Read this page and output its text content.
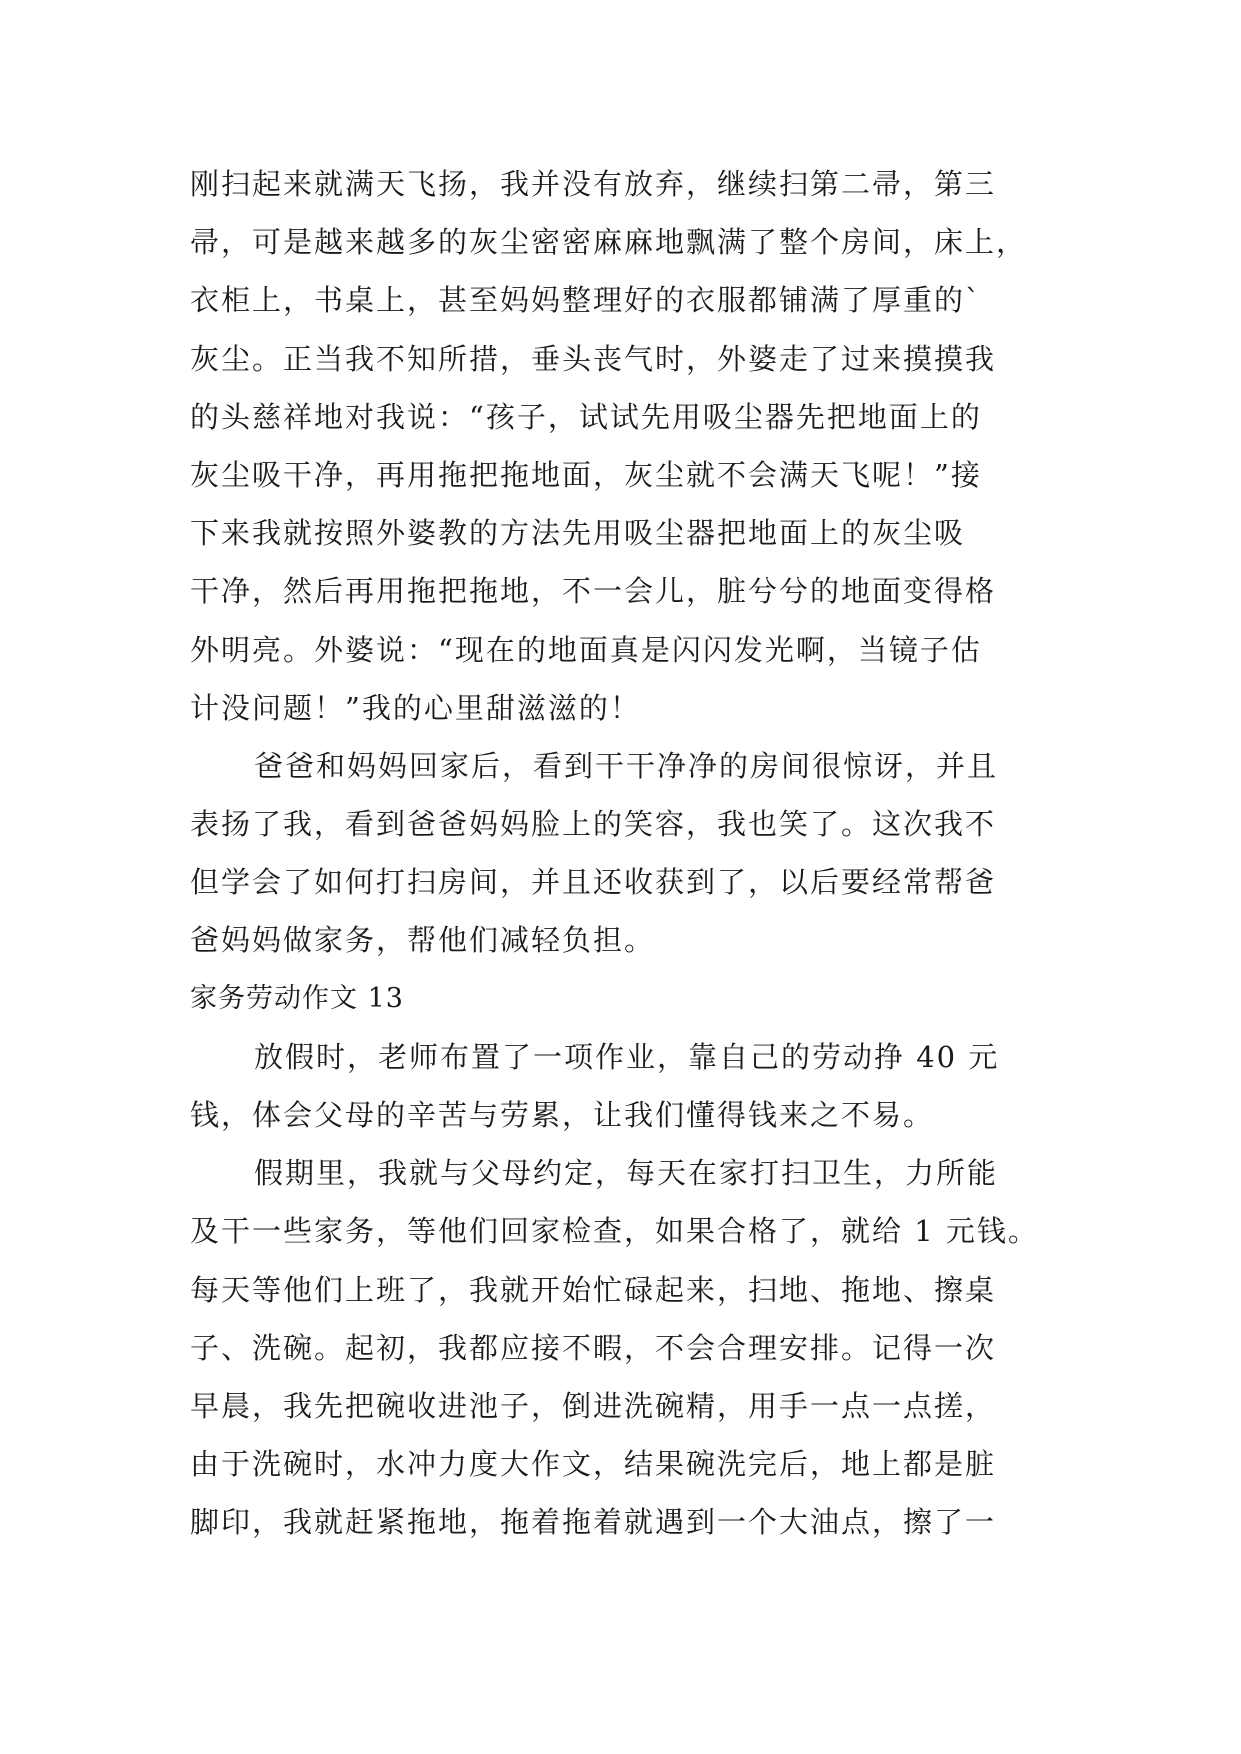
刚扫起来就满天飞扬，我并没有放弃，继续扫第二帚，第三
帚，可是越来越多的灰尘密密麻麻地飘满了整个房间，床上，
衣柜上，书桌上，甚至妈妈整理好的衣服都铺满了厚重的`
灰尘。正当我不知所措，垂头丧气时，外婆走了过来摸摸我
的头慈祥地对我说：“孩子，试试先用吸尘器先把地面上的
灰尘吸干净，再用拖把拖地面，灰尘就不会满天飞呢！”接
下来我就按照外婆教的方法先用吸尘器把地面上的灰尘吸
干净，然后再用拖把拖地，不一会儿，脏兮兮的地面变得格
外明亮。外婆说：“现在的地面真是闪闪发光啊，当镜子估
计没问题！”我的心里甜滋滋的！
爸爸和妈妈回家后，看到干干净净的房间很惊讶，并且
表扬了我，看到爸爸妈妈脸上的笑容，我也笑了。这次我不
但学会了如何打扫房间，并且还收获到了，以后要经常帮爸
爸妈妈做家务，帮他们减轻负担。
家务劳动作文 13
放假时，老师布置了一项作业，靠自己的劳动挣 40 元
钱，体会父母的辛苦与劳累，让我们懂得钱来之不易。
假期里，我就与父母约定，每天在家打扫卫生，力所能
及干一些家务，等他们回家检查，如果合格了，就给 1 元钱。
每天等他们上班了，我就开始忙碌起来，扫地、拖地、擦桌
子、洗碗。起初，我都应接不暇，不会合理安排。记得一次
早晨，我先把碗收进池子，倒进洗碗精，用手一点一点搓，
由于洗碗时，水冲力度大作文，结果碗洗完后，地上都是脏
脚印，我就赶紧拖地，拖着拖着就遇到一个大油点，擦了一
